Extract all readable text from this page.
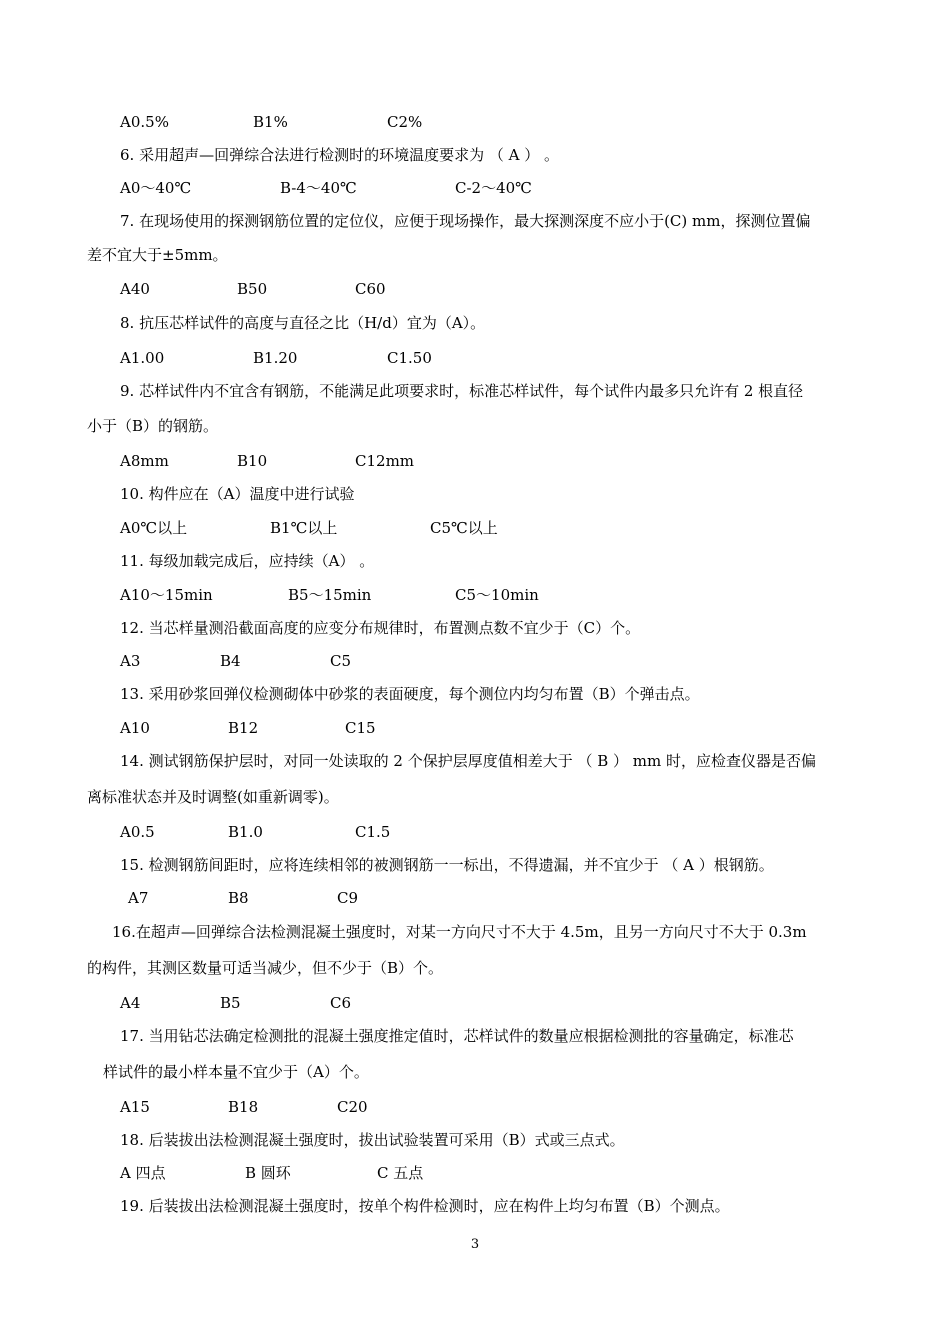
A0.5%	B1%	C2%
6. 采用超声—回弹综合法进行检测时的环境温度要求为 （ A ） 。
A0～40℃	B-4～40℃	C-2～40℃
7. 在现场使用的探测钢筋位置的定位仪，应便于现场操作，最大探测深度不应小于(C) mm，探测位置偏
差不宜大于±5mm。
A40	B50	C60
8. 抗压芯样试件的高度与直径之比（H/d）宜为（A）。
A1.00	B1.20	C1.50
9. 芯样试件内不宜含有钢筋，不能满足此项要求时，标准芯样试件，每个试件内最多只允许有 2 根直径
小于（B）的钢筋。
A8mm	B10	C12mm
10. 构件应在（A）温度中进行试验
A0℃以上	B1℃以上	C5℃以上
11. 每级加载完成后，应持续（A） 。
A10～15min	B5～15min	C5～10min
12. 当芯样量测沿截面高度的应变分布规律时，布置测点数不宜少于（C）个。
A3	B4	C5
13. 采用砂浆回弹仪检测砌体中砂浆的表面硬度，每个测位内均匀布置（B）个弹击点。
A10	B12	C15
14. 测试钢筋保护层时，对同一处读取的 2 个保护层厚度值相差大于 （ B ） mm 时，应检查仪器是否偏
离标准状态并及时调整(如重新调零)。
A0.5	B1.0	C1.5
15. 检测钢筋间距时，应将连续相邻的被测钢筋一一标出，不得遗漏，并不宜少于 （ A ）根钢筋。
A7	B8	C9
16.在超声—回弹综合法检测混凝土强度时，对某一方向尺寸不大于 4.5m，且另一方向尺寸不大于 0.3m
的构件，其测区数量可适当减少，但不少于（B）个。
A4	B5	C6
17. 当用钻芯法确定检测批的混凝土强度推定值时，芯样试件的数量应根据检测批的容量确定，标准芯
样试件的最小样本量不宜少于（A）个。
A15	B18	C20
18. 后装拔出法检测混凝土强度时，拔出试验装置可采用（B）式或三点式。
A 四点	B 圆环	C 五点
19. 后装拔出法检测混凝土强度时，按单个构件检测时，应在构件上均匀布置（B）个测点。
3
